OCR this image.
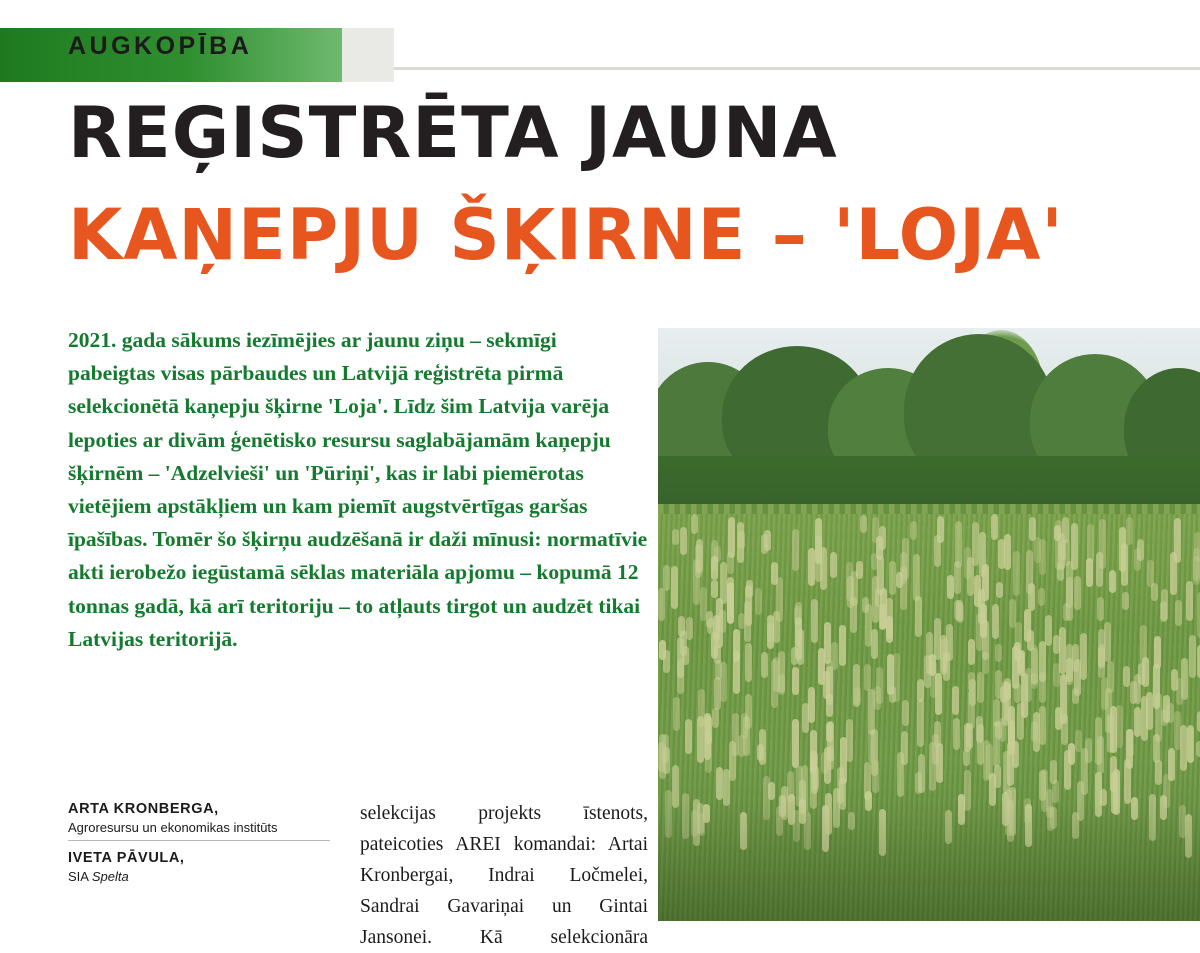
AUGKOPĪBA
REĢISTRĒTA JAUNA
KAŅEPJU ŠĶIRNE – 'LOJA'
2021. gada sākums iezīmējies ar jaunu ziņu – sekmīgi pabeigtas visas pārbaudes un Latvijā reģistrēta pirmā selekcionētā kaņepju šķirne 'Loja'. Līdz šim Latvija varēja lepoties ar divām ģenētisko resursu saglabājamām kaņepju šķirnēm – 'Adzelvieši' un 'Pūriņi', kas ir labi piemērotas vietējiem apstākļiem un kam piemīt augstvērtīgas garšas īpašības. Tomēr šo šķirņu audzēšanā ir daži mīnusi: normatīvie akti ierobežo iegūstamā sēklas materiāla apjomu – kopumā 12 tonnas gadā, kā arī teritoriju – to atļauts tirgot un audzēt tikai Latvijas teritorijā.
ARTA KRONBERGA,
Agroresursu un ekonomikas institūts
IVETA PĀVULA,
SIA Spelta
selekcijas projekts īstenots, pateicoties AREI komandai: Artai Kronbergai, Indrai Ločmelei, Sandrai Gavariņai un Gintai Jansonei. Kā selekcionāra
